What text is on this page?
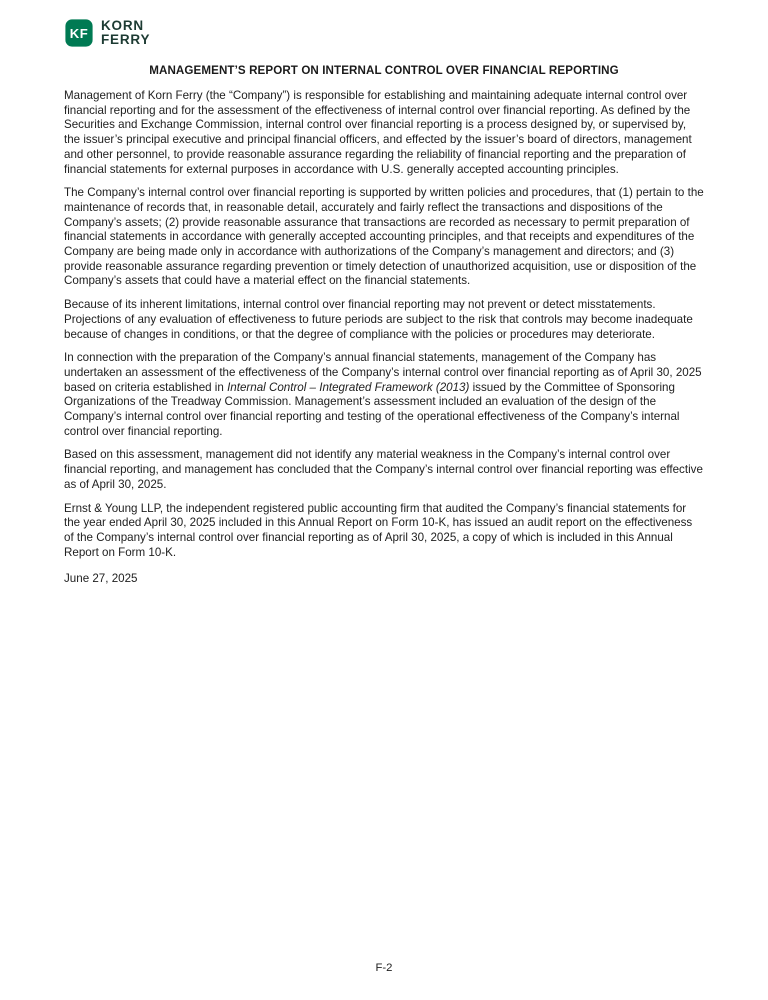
KF
KORN
FERRY
MANAGEMENT’S REPORT ON INTERNAL CONTROL OVER FINANCIAL REPORTING

Management of Korn Ferry (the “Company”) is responsible for establishing and maintaining adequate internal control over financial reporting and for the assessment of the effectiveness of internal control over financial reporting. As defined by the Securities and Exchange Commission, internal control over financial reporting is a process designed by, or supervised by, the issuer’s principal executive and principal financial officers, and effected by the issuer’s board of directors, management and other personnel, to provide reasonable assurance regarding the reliability of financial reporting and the preparation of financial statements for external purposes in accordance with U.S. generally accepted accounting principles.

The Company’s internal control over financial reporting is supported by written policies and procedures, that (1) pertain to the maintenance of records that, in reasonable detail, accurately and fairly reflect the transactions and dispositions of the Company’s assets; (2) provide reasonable assurance that transactions are recorded as necessary to permit preparation of financial statements in accordance with generally accepted accounting principles, and that receipts and expenditures of the Company are being made only in accordance with authorizations of the Company’s management and directors; and (3) provide reasonable assurance regarding prevention or timely detection of unauthorized acquisition, use or disposition of the Company’s assets that could have a material effect on the financial statements.

Because of its inherent limitations, internal control over financial reporting may not prevent or detect misstatements. Projections of any evaluation of effectiveness to future periods are subject to the risk that controls may become inadequate because of changes in conditions, or that the degree of compliance with the policies or procedures may deteriorate.

In connection with the preparation of the Company’s annual financial statements, management of the Company has undertaken an assessment of the effectiveness of the Company’s internal control over financial reporting as of April 30, 2025 based on criteria established in Internal Control – Integrated Framework (2013) issued by the Committee of Sponsoring Organizations of the Treadway Commission. Management’s assessment included an evaluation of the design of the Company’s internal control over financial reporting and testing of the operational effectiveness of the Company’s internal control over financial reporting.

Based on this assessment, management did not identify any material weakness in the Company’s internal control over financial reporting, and management has concluded that the Company’s internal control over financial reporting was effective as of April 30, 2025.

Ernst & Young LLP, the independent registered public accounting firm that audited the Company’s financial statements for the year ended April 30, 2025 included in this Annual Report on Form 10-K, has issued an audit report on the effectiveness of the Company’s internal control over financial reporting as of April 30, 2025, a copy of which is included in this Annual Report on Form 10-K.

June 27, 2025

F-2
